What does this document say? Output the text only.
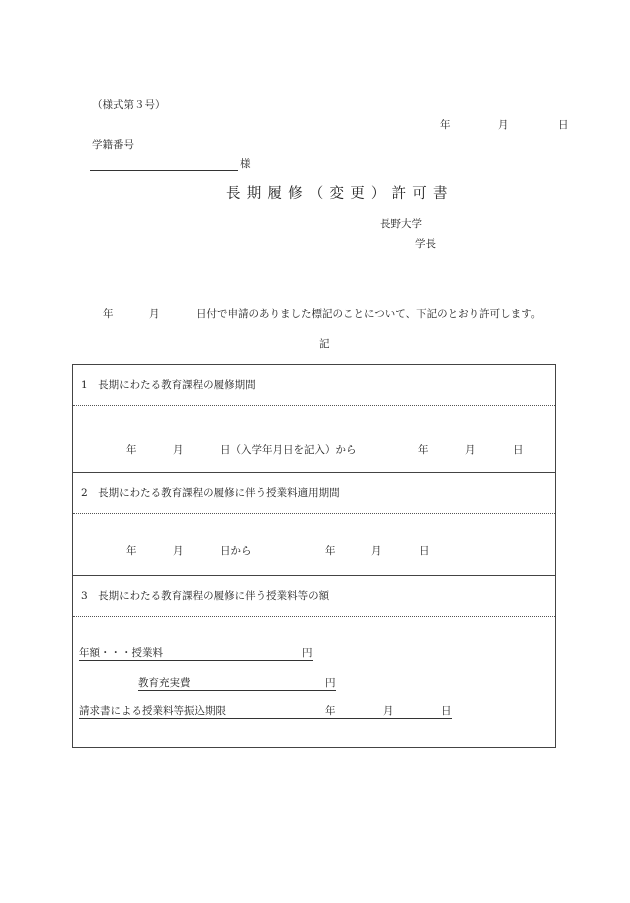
（様式第３号）
年	月	日
学籍番号
様
長期履修（変更）許可書
長野大学
学長
年	月	日付で申請のありました標記のことについて、下記のとおり許可します。
記
1　長期にわたる教育課程の履修期間
年	月	日（入学年月日を記入）から	年	月	日
2　長期にわたる教育課程の履修に伴う授業料適用期間
年	月	日から	年	月	日
3　長期にわたる教育課程の履修に伴う授業料等の額
年額・・・授業料	円
教育充実費	円
請求書による授業料等振込期限	年	月	日
